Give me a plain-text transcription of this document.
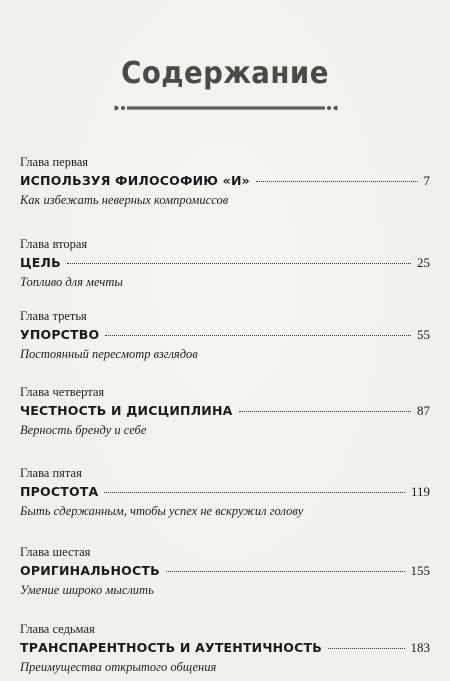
Содержание
Глава первая
ИСПОЛЬЗУЯ ФИЛОСОФИЮ «И»	7
Как избежать неверных компромиссов
Глава вторая
ЦЕЛЬ	25
Топливо для мечты
Глава третья
УПОРСТВО	55
Постоянный пересмотр взглядов
Глава четвертая
ЧЕСТНОСТЬ И ДИСЦИПЛИНА	87
Верность бренду и себе
Глава пятая
ПРОСТОТА	119
Быть сдержанным, чтобы успех не вскружил голову
Глава шестая
ОРИГИНАЛЬНОСТЬ	155
Умение широко мыслить
Глава седьмая
ТРАНСПАРЕНТНОСТЬ И АУТЕНТИЧНОСТЬ	183
Преимущества открытого общения
